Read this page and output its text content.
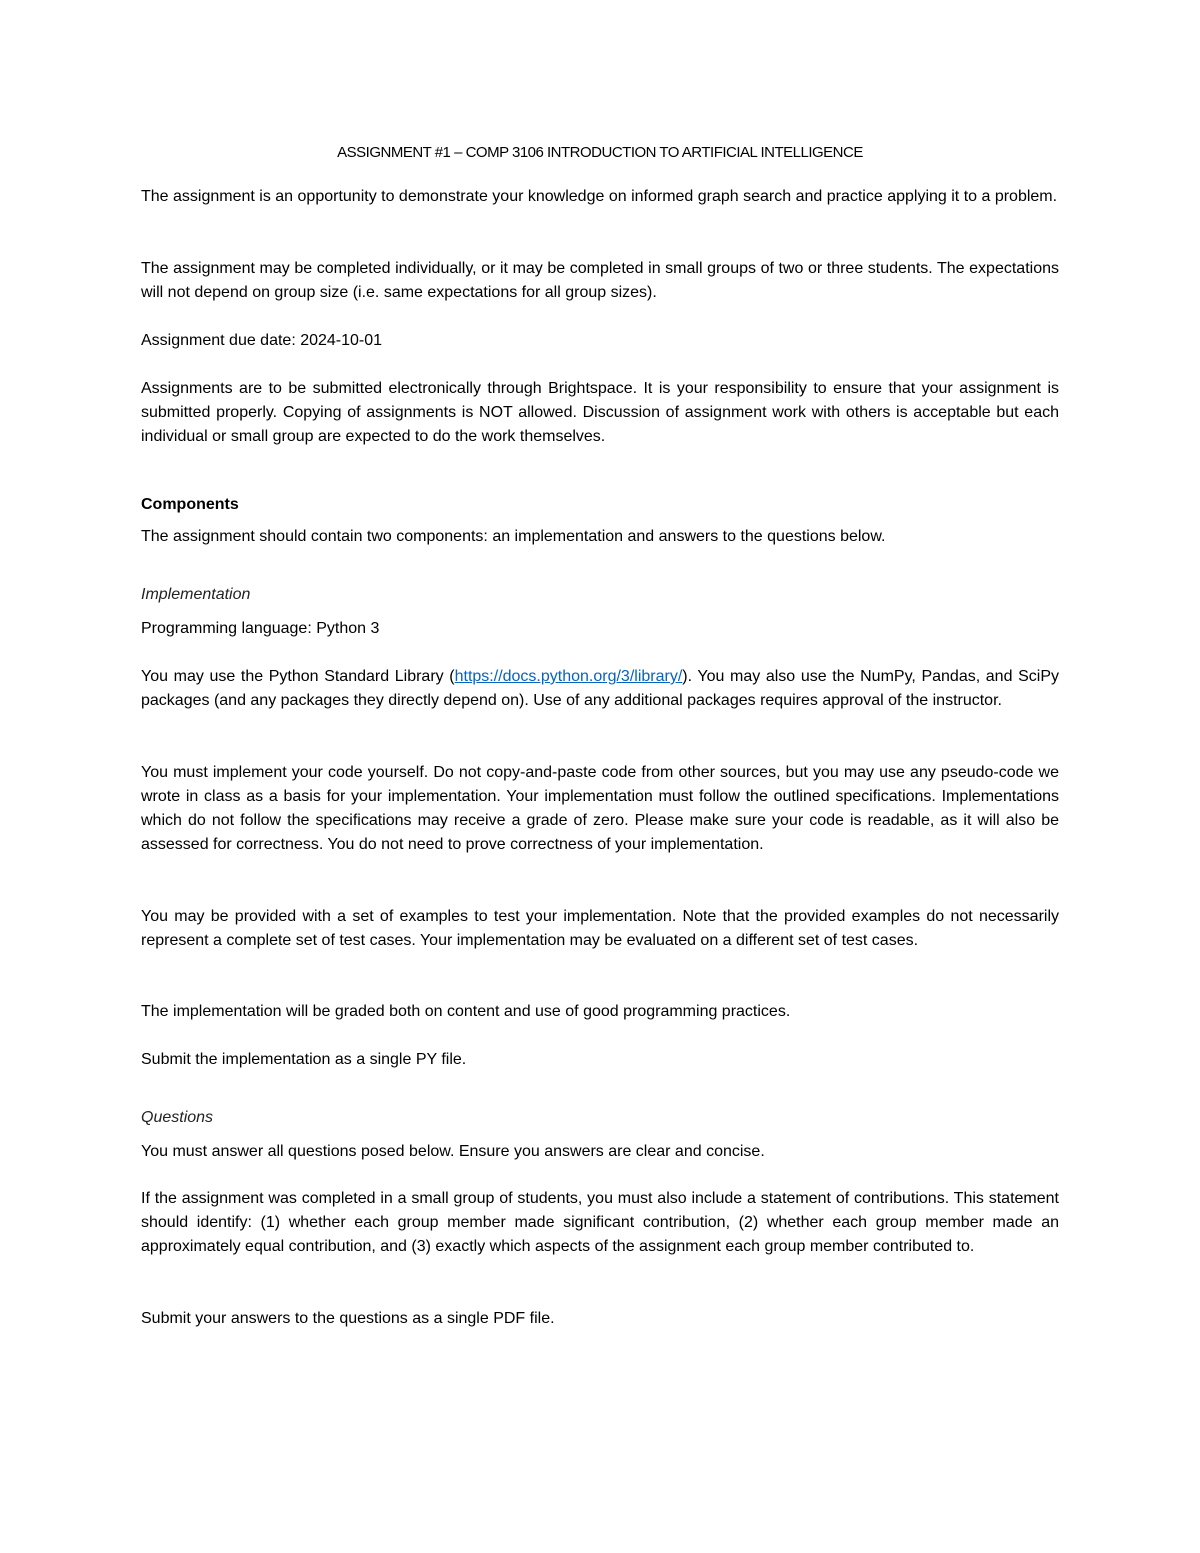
ASSIGNMENT #1 – COMP 3106 INTRODUCTION TO ARTIFICIAL INTELLIGENCE

The assignment is an opportunity to demonstrate your knowledge on informed graph search and practice applying it to a problem.

The assignment may be completed individually, or it may be completed in small groups of two or three students. The expectations will not depend on group size (i.e. same expectations for all group sizes).

Assignment due date: 2024-10-01

Assignments are to be submitted electronically through Brightspace. It is your responsibility to ensure that your assignment is submitted properly. Copying of assignments is NOT allowed. Discussion of assignment work with others is acceptable but each individual or small group are expected to do the work themselves.

Components

The assignment should contain two components: an implementation and answers to the questions below.

Implementation

Programming language: Python 3

You may use the Python Standard Library (https://docs.python.org/3/library/). You may also use the NumPy, Pandas, and SciPy packages (and any packages they directly depend on). Use of any additional packages requires approval of the instructor.

You must implement your code yourself. Do not copy-and-paste code from other sources, but you may use any pseudo-code we wrote in class as a basis for your implementation. Your implementation must follow the outlined specifications. Implementations which do not follow the specifications may receive a grade of zero. Please make sure your code is readable, as it will also be assessed for correctness. You do not need to prove correctness of your implementation.

You may be provided with a set of examples to test your implementation. Note that the provided examples do not necessarily represent a complete set of test cases. Your implementation may be evaluated on a different set of test cases.

The implementation will be graded both on content and use of good programming practices.

Submit the implementation as a single PY file.

Questions

You must answer all questions posed below. Ensure you answers are clear and concise.

If the assignment was completed in a small group of students, you must also include a statement of contributions. This statement should identify: (1) whether each group member made significant contribution, (2) whether each group member made an approximately equal contribution, and (3) exactly which aspects of the assignment each group member contributed to.

Submit your answers to the questions as a single PDF file.
